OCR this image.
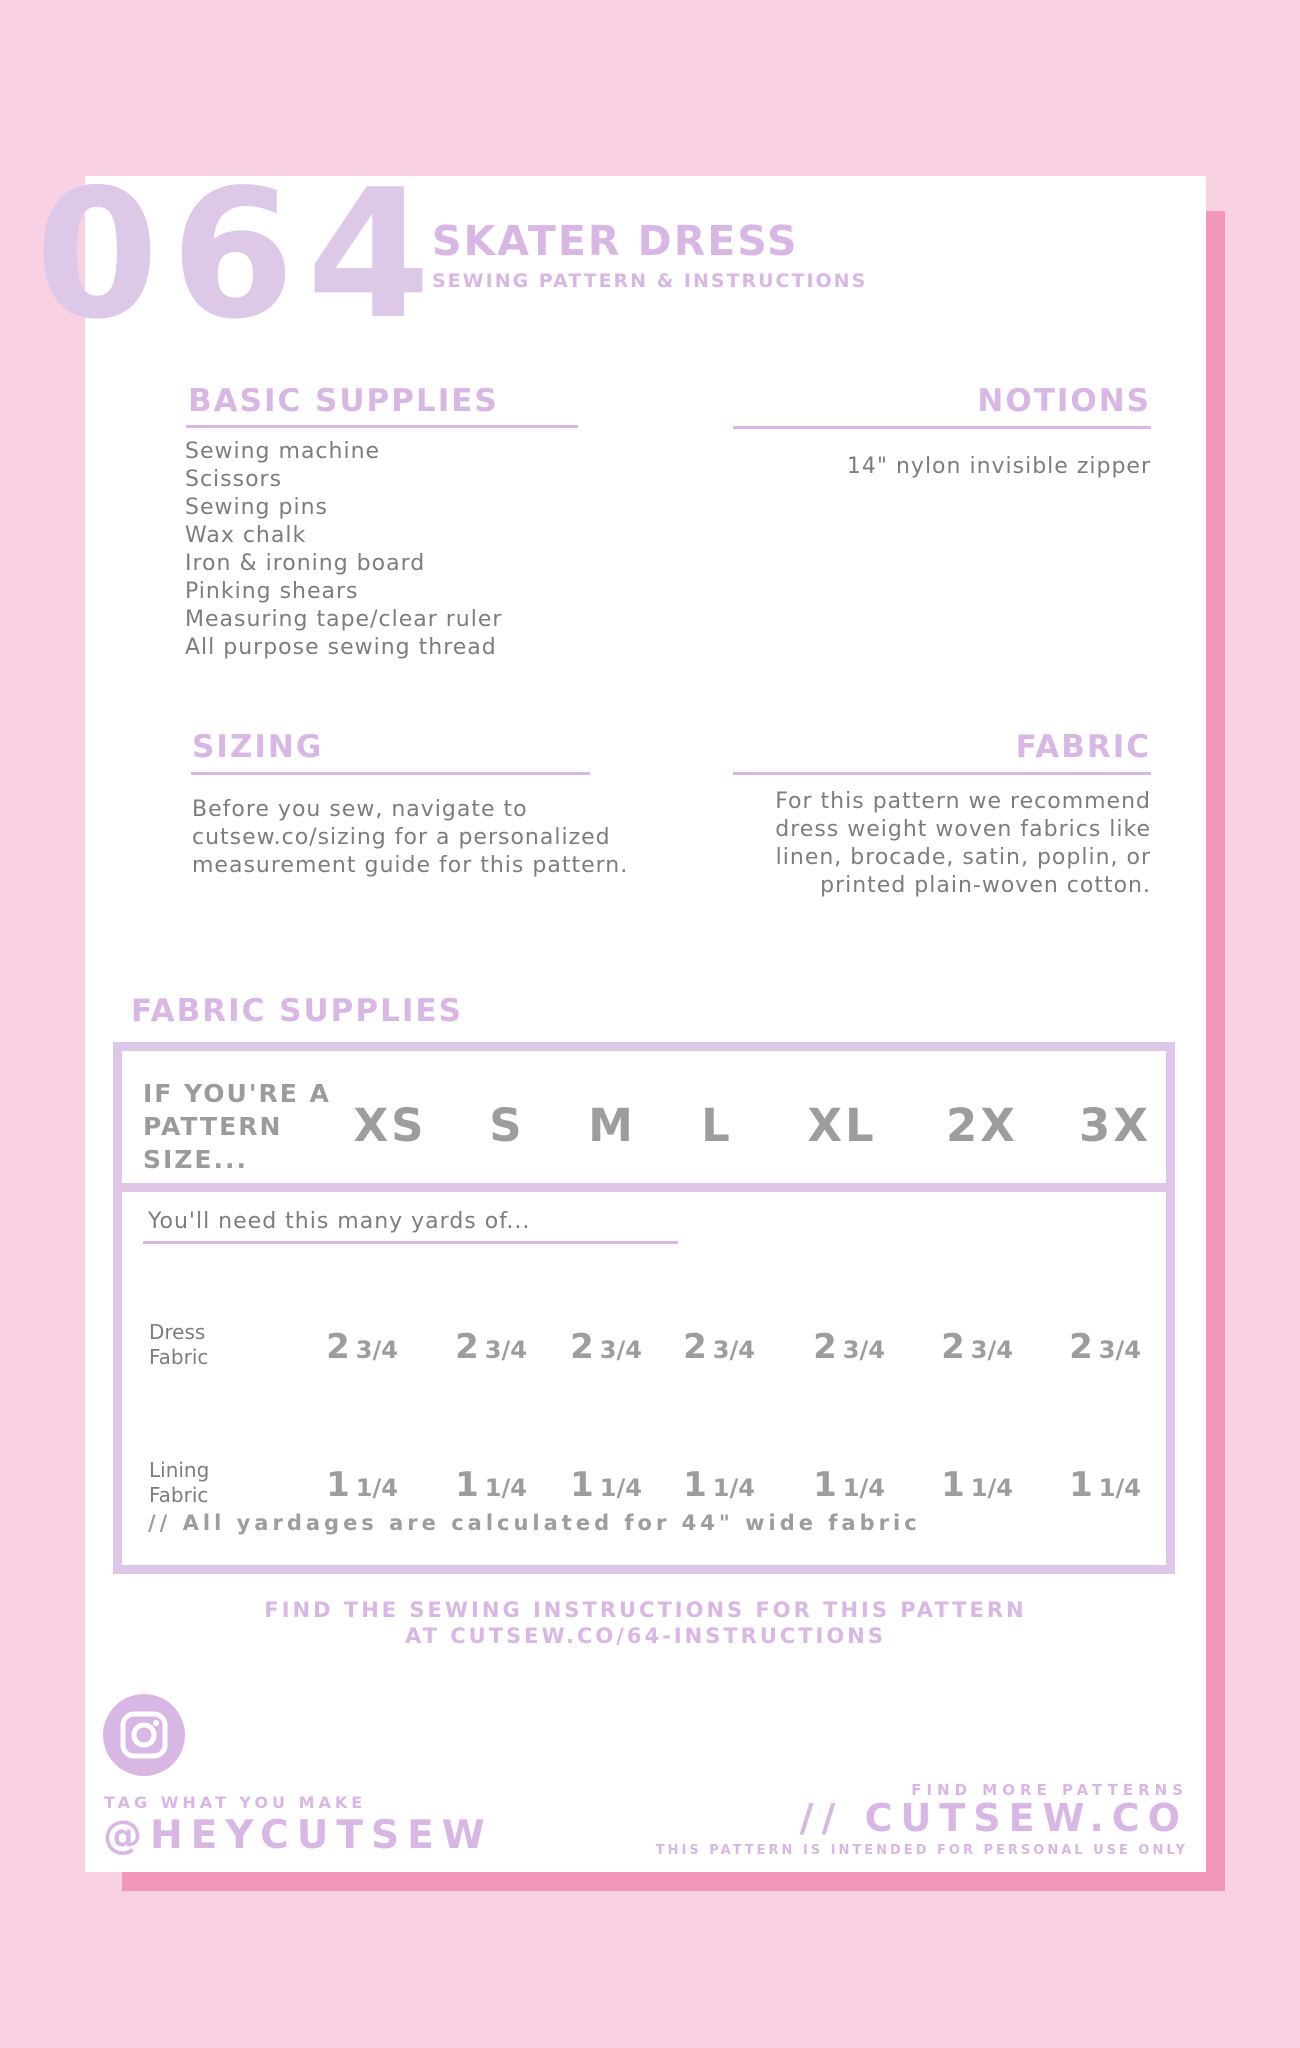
064
SKATER DRESS
SEWING PATTERN & INSTRUCTIONS
BASIC SUPPLIES
Sewing machine
Scissors
Sewing pins
Wax chalk
Iron & ironing board
Pinking shears
Measuring tape/clear ruler
All purpose sewing thread
NOTIONS
14" nylon invisible zipper
SIZING
Before you sew, navigate to
cutsew.co/sizing for a personalized
measurement guide for this pattern.
FABRIC
For this pattern we recommend
dress weight woven fabrics like
linen, brocade, satin, poplin, or
printed plain-woven cotton.
FABRIC SUPPLIES
IF YOU'RE A PATTERN SIZE...
XS S M L XL 2X 3X
You'll need this many yards of...
Dress Fabric	2 3/4 2 3/4 2 3/4 2 3/4 2 3/4 2 3/4 2 3/4
Lining Fabric	1 1/4 1 1/4 1 1/4 1 1/4 1 1/4 1 1/4 1 1/4
// All yardages are calculated for 44" wide fabric
FIND THE SEWING INSTRUCTIONS FOR THIS PATTERN
AT CUTSEW.CO/64-INSTRUCTIONS
TAG WHAT YOU MAKE
@HEYCUTSEW
FIND MORE PATTERNS
// CUTSEW.CO
THIS PATTERN IS INTENDED FOR PERSONAL USE ONLY
